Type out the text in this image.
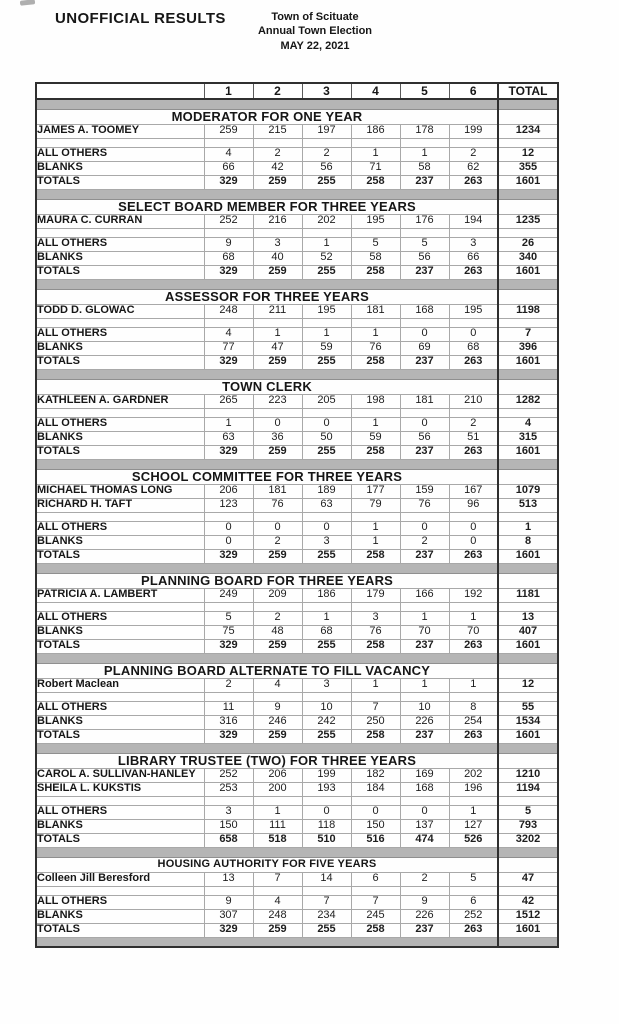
UNOFFICIAL RESULTS	Town of Scituate
Annual Town Election
MAY 22, 2021
	1	2	3	4	5	6	TOTAL

MODERATOR FOR ONE YEAR							
JAMES A. TOOMEY	259	215	197	186	178	199	1234

ALL OTHERS	4	2	2	1	1	2	12
BLANKS	66	42	56	71	58	62	355
TOTALS	329	259	255	258	237	263	1601

SELECT BOARD MEMBER FOR THREE YEARS							
MAURA C. CURRAN	252	216	202	195	176	194	1235

ALL OTHERS	9	3	1	5	5	3	26
BLANKS	68	40	52	58	56	66	340
TOTALS	329	259	255	258	237	263	1601

ASSESSOR FOR THREE YEARS							
TODD D. GLOWAC	248	211	195	181	168	195	1198

ALL OTHERS	4	1	1	1	0	0	7
BLANKS	77	47	59	76	69	68	396
TOTALS	329	259	255	258	237	263	1601

TOWN CLERK							
KATHLEEN A. GARDNER	265	223	205	198	181	210	1282

ALL OTHERS	1	0	0	1	0	2	4
BLANKS	63	36	50	59	56	51	315
TOTALS	329	259	255	258	237	263	1601

SCHOOL COMMITTEE FOR THREE YEARS							
MICHAEL THOMAS LONG	206	181	189	177	159	167	1079
RICHARD H. TAFT	123	76	63	79	76	96	513

ALL OTHERS	0	0	0	1	0	0	1
BLANKS	0	2	3	1	2	0	8
TOTALS	329	259	255	258	237	263	1601

PLANNING BOARD FOR THREE YEARS							
PATRICIA A. LAMBERT	249	209	186	179	166	192	1181

ALL OTHERS	5	2	1	3	1	1	13
BLANKS	75	48	68	76	70	70	407
TOTALS	329	259	255	258	237	263	1601

PLANNING BOARD ALTERNATE TO FILL VACANCY							
Robert Maclean	2	4	3	1	1	1	12

ALL OTHERS	11	9	10	7	10	8	55
BLANKS	316	246	242	250	226	254	1534
TOTALS	329	259	255	258	237	263	1601

LIBRARY TRUSTEE (TWO) FOR THREE YEARS							
CAROL A. SULLIVAN-HANLEY	252	206	199	182	169	202	1210
SHEILA L. KUKSTIS	253	200	193	184	168	196	1194

ALL OTHERS	3	1	0	0	0	1	5
BLANKS	150	111	118	150	137	127	793
TOTALS	658	518	510	516	474	526	3202

HOUSING AUTHORITY FOR FIVE YEARS							
Colleen Jill Beresford	13	7	14	6	2	5	47

ALL OTHERS	9	4	7	7	9	6	42
BLANKS	307	248	234	245	226	252	1512
TOTALS	329	259	255	258	237	263	1601
